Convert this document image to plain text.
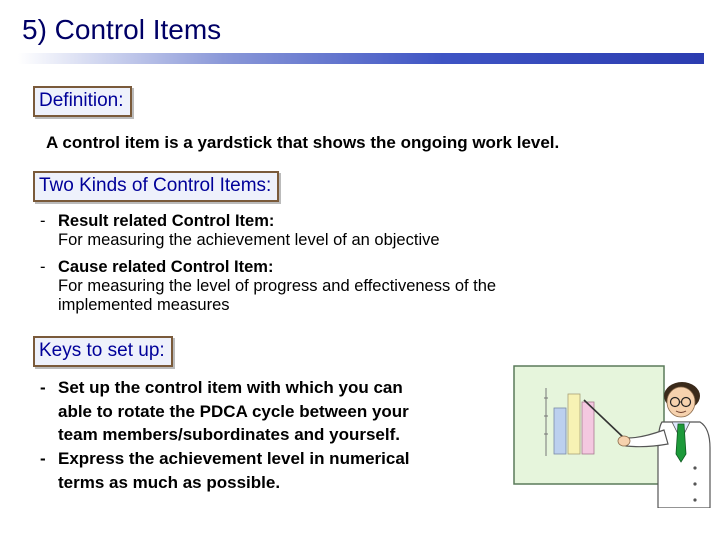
5) Control Items
Definition:
A control item is a yardstick that shows the ongoing work level.
Two Kinds of Control Items:
- Result related Control Item:
For measuring the achievement level of an objective
- Cause related Control Item:
For measuring the level of progress and effectiveness of the
implemented measures
Keys to set up:
- Set up the control item with which you can
able to rotate the PDCA cycle between your
team members/subordinates and yourself.
- Express the achievement level in numerical
terms as much as possible.
